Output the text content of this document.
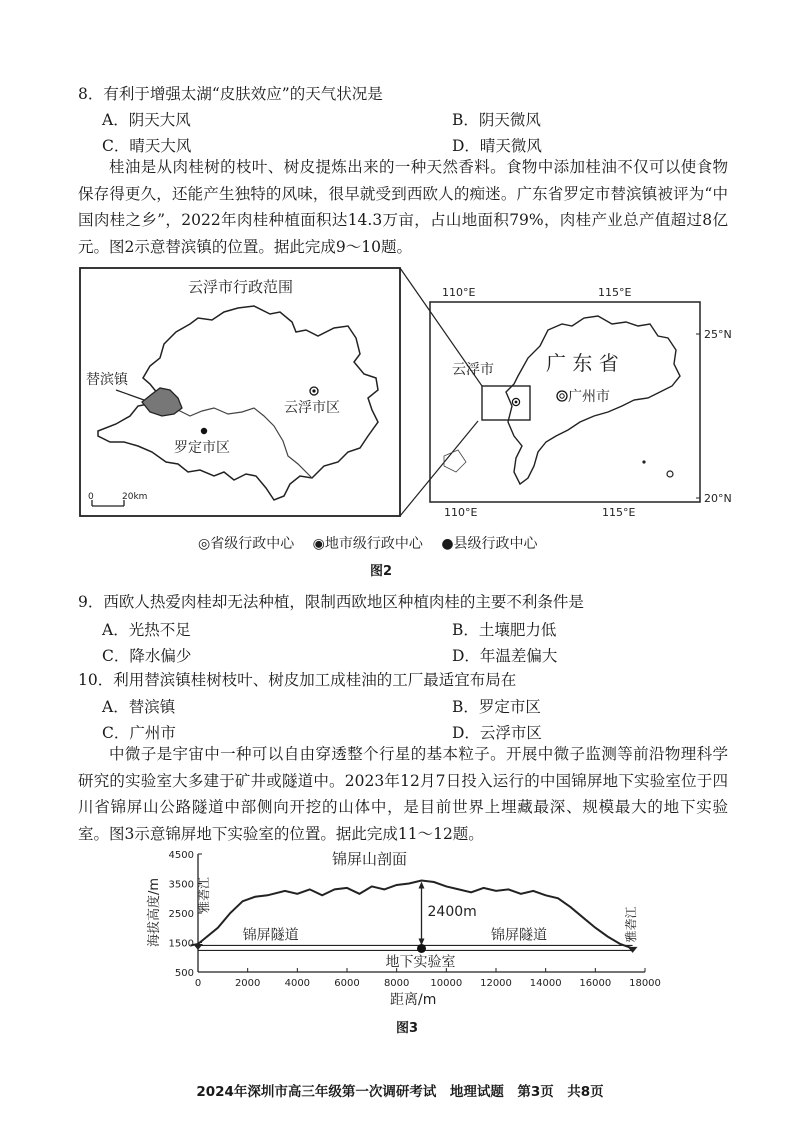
8．有利于增强太湖“皮肤效应”的天气状况是
A．阴天大风	B．阴天微风
C．晴天大风	D．晴天微风
桂油是从肉桂树的枝叶、树皮提炼出来的一种天然香料。食物中添加桂油不仅可以使食物保存得更久，还能产生独特的风味，很早就受到西欧人的痴迷。广东省罗定市替滨镇被评为“中国肉桂之乡”，2022年肉桂种植面积达14.3万亩，占山地面积79%，肉桂产业总产值超过8亿元。图2示意替滨镇的位置。据此完成9～10题。
云浮市行政范围
替滨镇
罗定市区
云浮市区
0	20km
110°E	115°E
110°E	115°E
25°N
20°N
广 东 省
云浮市
广州市
◎省级行政中心 ◉地市级行政中心 ●县级行政中心
图2
9．西欧人热爱肉桂却无法种植，限制西欧地区种植肉桂的主要不利条件是
A．光热不足	B．土壤肥力低
C．降水偏少	D．年温差偏大
10．利用替滨镇桂树枝叶、树皮加工成桂油的工厂最适宜布局在
A．替滨镇	B．罗定市区
C．广州市	D．云浮市区
中微子是宇宙中一种可以自由穿透整个行星的基本粒子。开展中微子监测等前沿物理科学研究的实验室大多建于矿井或隧道中。2023年12月7日投入运行的中国锦屏地下实验室位于四川省锦屏山公路隧道中部侧向开挖的山体中，是目前世界上埋藏最深、规模最大的地下实验室。图3示意锦屏地下实验室的位置。据此完成11～12题。
0	2000 4000 6000 8000 10000 12000 14000 16000 18000
500
1500
2500
3500
4500
锦屏隧道	锦屏隧道
2400m
地下实验室
雅砻江
雅砻江
锦屏山剖面
距离/m
海拔高度/m
图3
2024年深圳市高三年级第一次调研考试　地理试题　第3页　共8页
